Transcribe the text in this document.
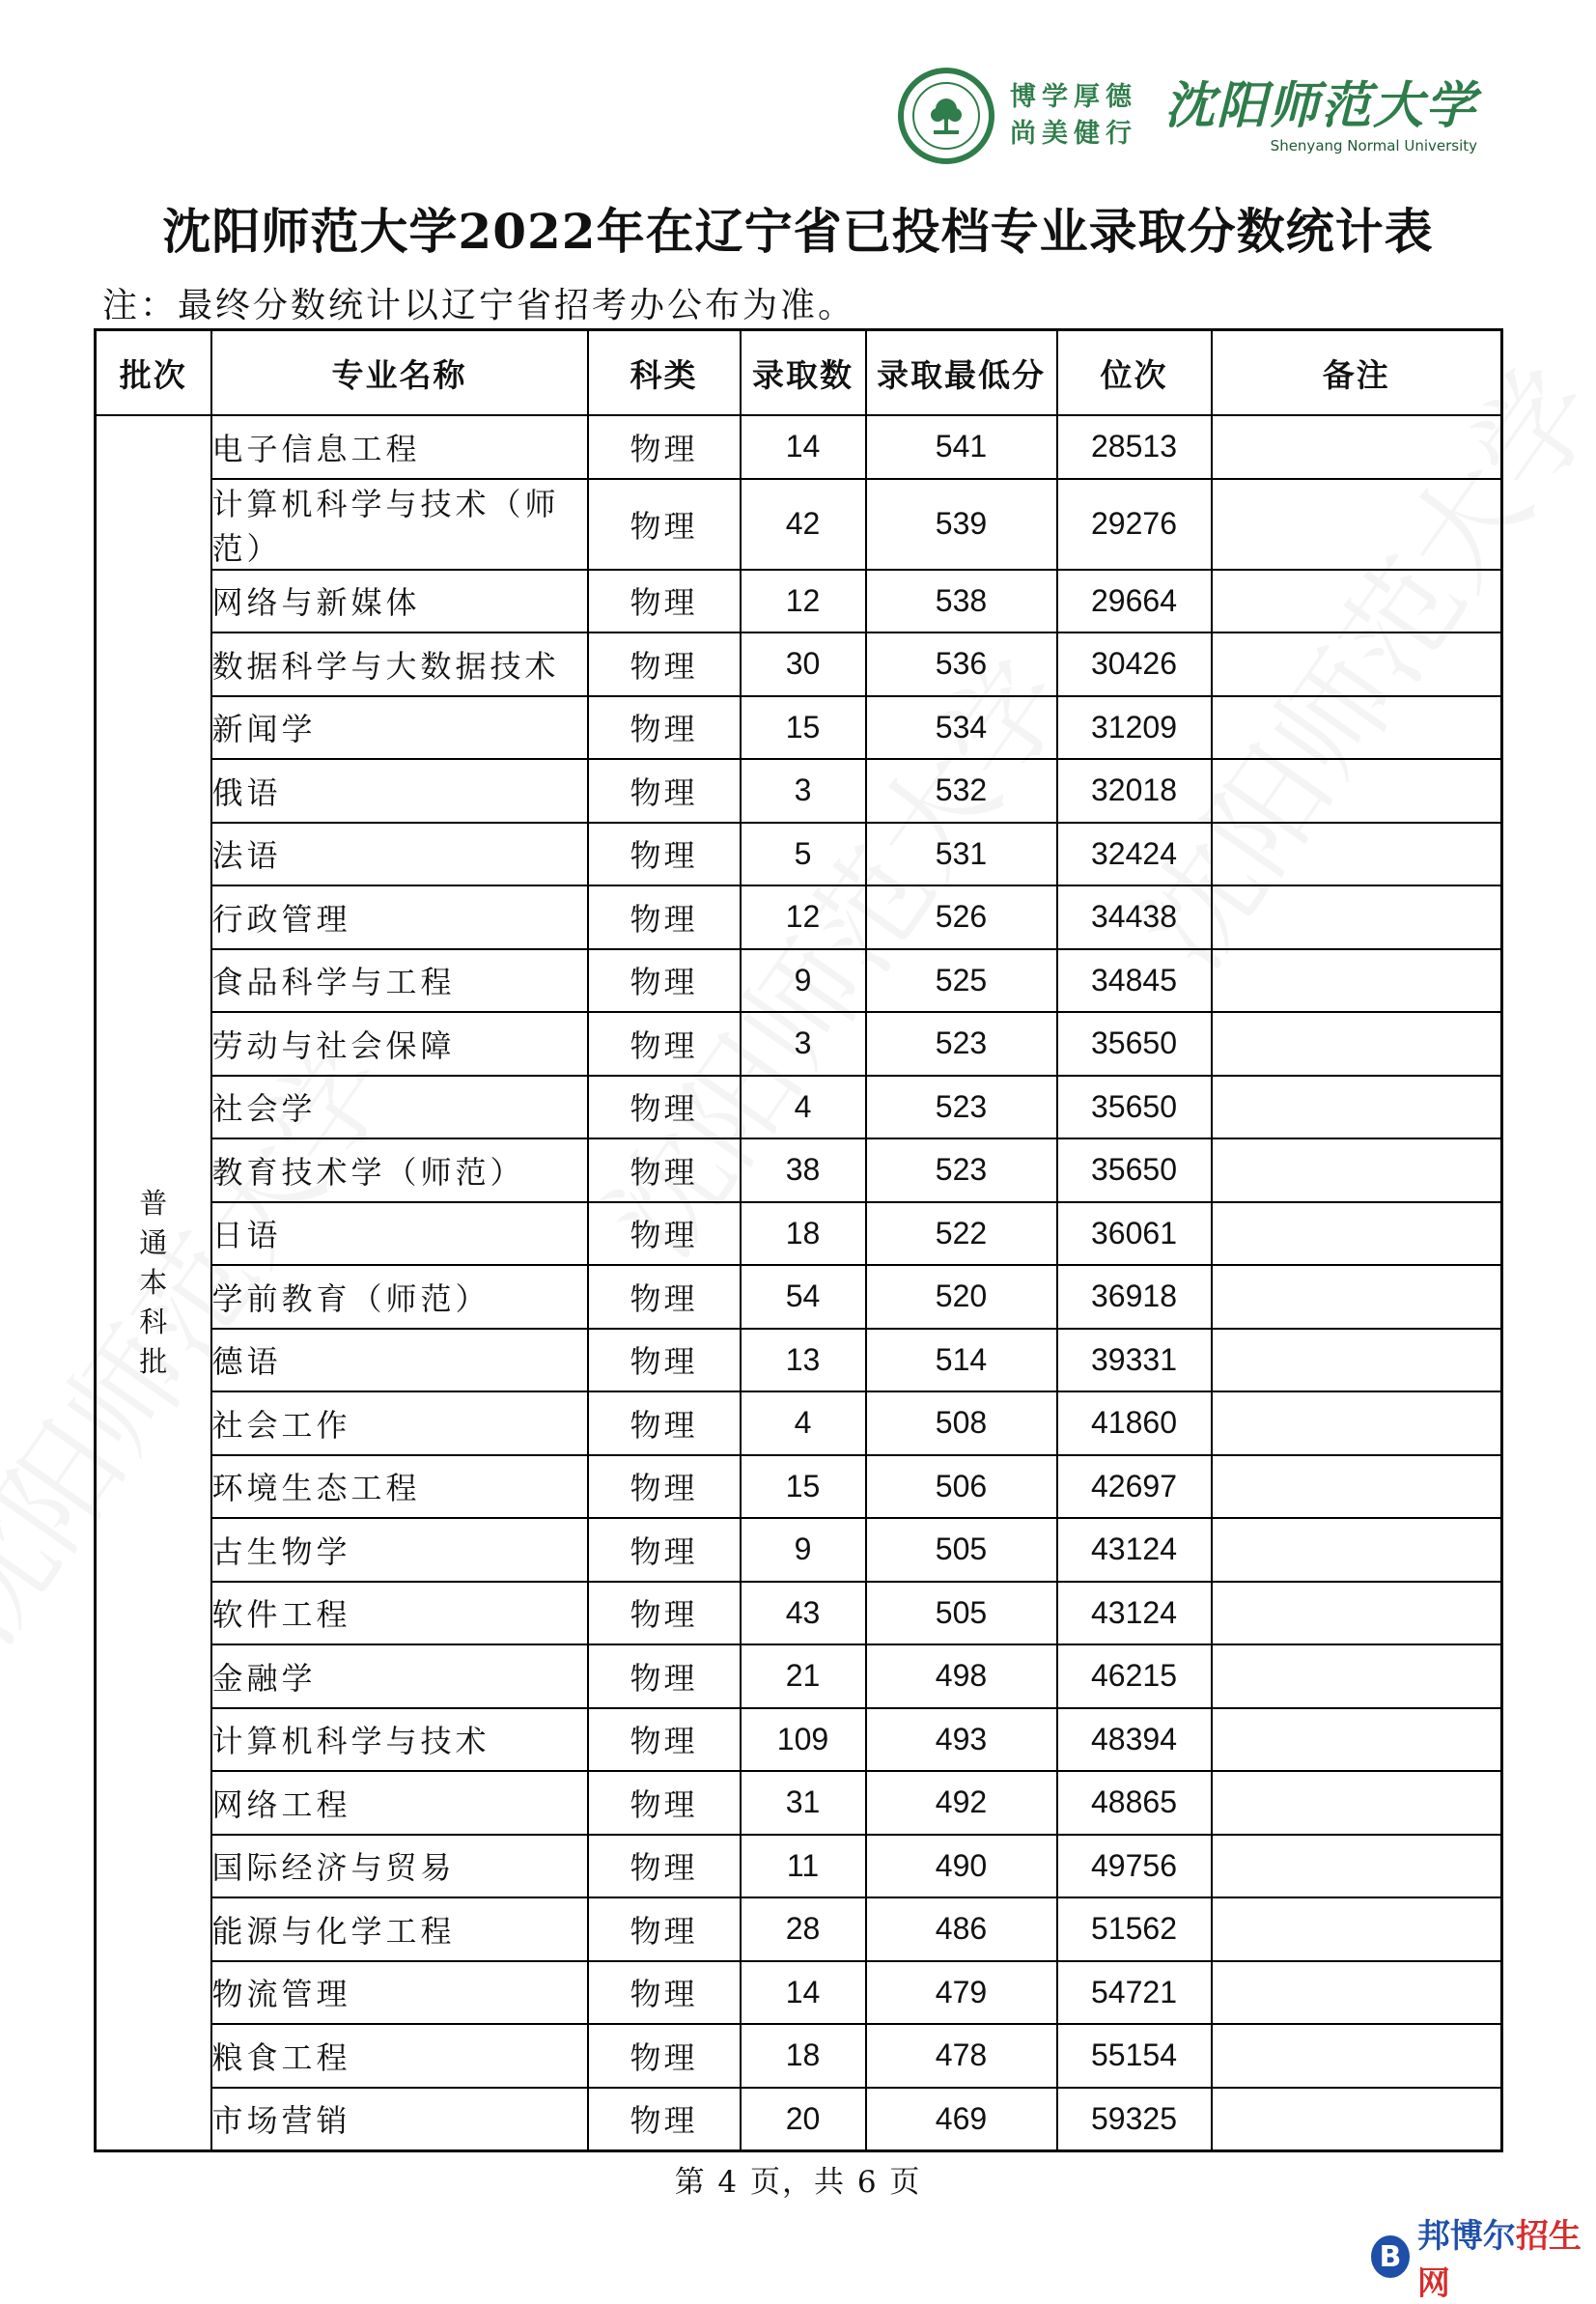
博学厚德
尚美健行 沈阳师范大学
Shenyang Normal University
沈阳师范大学2022年在辽宁省已投档专业录取分数统计表
注：最终分数统计以辽宁省招考办公布为准。
批次	专业名称	科类	录取数	录取最低分	位次	备注
普通本科批	电子信息工程	物理	14	541	28513	
	计算机科学与技术（师范）	物理	42	539	29276	
	网络与新媒体	物理	12	538	29664	
	数据科学与大数据技术	物理	30	536	30426	
	新闻学	物理	15	534	31209	
	俄语	物理	3	532	32018	
	法语	物理	5	531	32424	
	行政管理	物理	12	526	34438	
	食品科学与工程	物理	9	525	34845	
	劳动与社会保障	物理	3	523	35650	
	社会学	物理	4	523	35650	
	教育技术学（师范）	物理	38	523	35650	
	日语	物理	18	522	36061	
	学前教育（师范）	物理	54	520	36918	
	德语	物理	13	514	39331	
	社会工作	物理	4	508	41860	
	环境生态工程	物理	15	506	42697	
	古生物学	物理	9	505	43124	
	软件工程	物理	43	505	43124	
	金融学	物理	21	498	46215	
	计算机科学与技术	物理	109	493	48394	
	网络工程	物理	31	492	48865	
	国际经济与贸易	物理	11	490	49756	
	能源与化学工程	物理	28	486	51562	
	物流管理	物理	14	479	54721	
	粮食工程	物理	18	478	55154	
	市场营销	物理	20	469	59325	
第 4 页，共 6 页
B
邦博尔招生网
